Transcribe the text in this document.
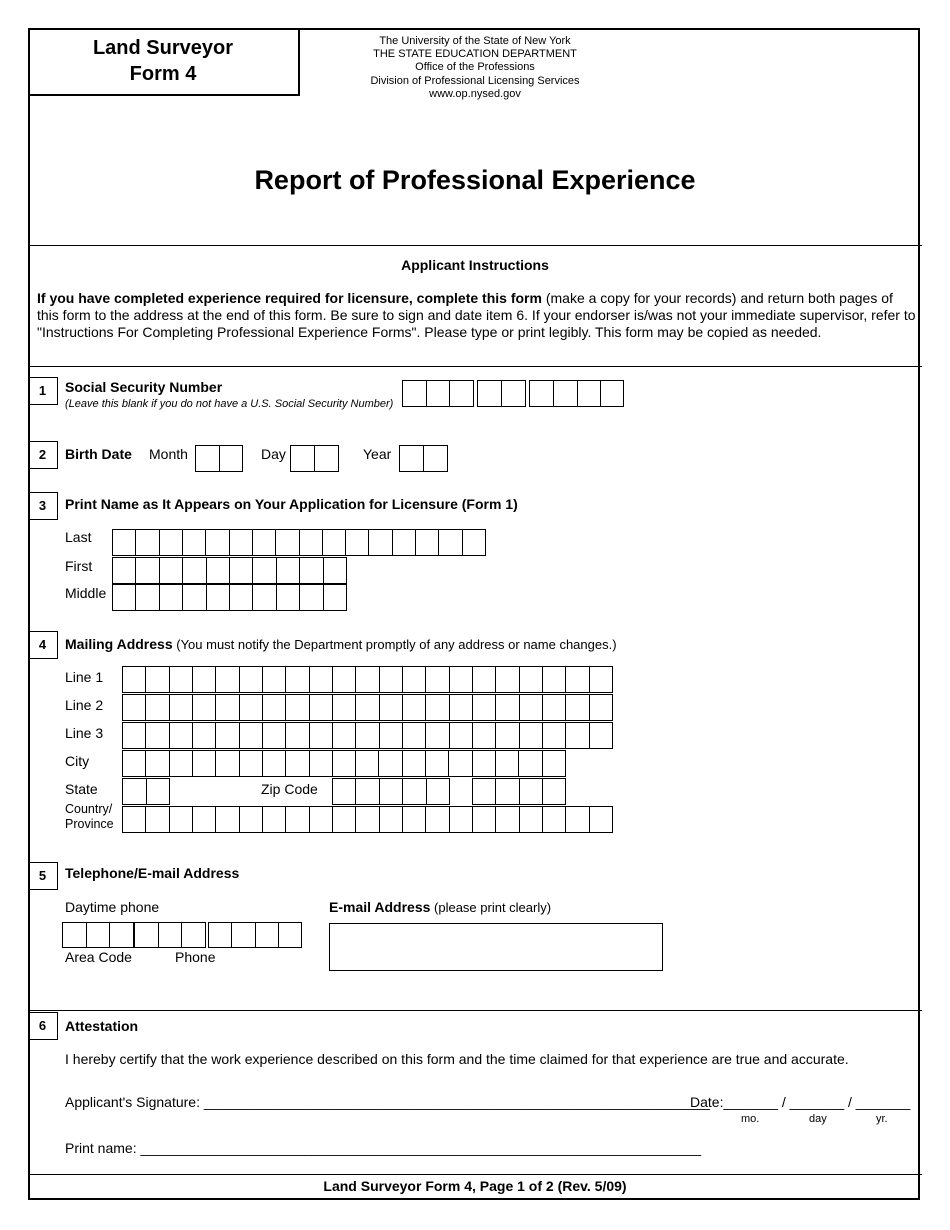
Land Surveyor
Form 4
The University of the State of New York
THE STATE EDUCATION DEPARTMENT
Office of the Professions
Division of Professional Licensing Services
www.op.nysed.gov
Report of Professional Experience
Applicant Instructions
If you have completed experience required for licensure, complete this form (make a copy for your records) and return both pages of this form to the address at the end of this form. Be sure to sign and date item 6. If your endorser is/was not your immediate supervisor, refer to "Instructions For Completing Professional Experience Forms". Please type or print legibly. This form may be copied as needed.
1	Social Security Number
(Leave this blank if you do not have a U.S. Social Security Number)
2	Birth Date Month	Day	Year
3	Print Name as It Appears on Your Application for Licensure (Form 1)
Last
First
Middle
4	Mailing Address (You must notify the Department promptly of any address or name changes.)
Line 1
Line 2
Line 3
City
State	Zip Code
Country/
Province
5	Telephone/E-mail Address
Daytime phone	E-mail Address (please print clearly)
Area Code	Phone
6	Attestation
I hereby certify that the work experience described on this form and the time claimed for that experience are true and accurate.
Applicant's Signature: _________________________________________________________________
Date:_______ / _______ / _______
mo.	day	yr.
Print name: ________________________________________________________________________
Land Surveyor Form 4, Page 1 of 2 (Rev. 5/09)
